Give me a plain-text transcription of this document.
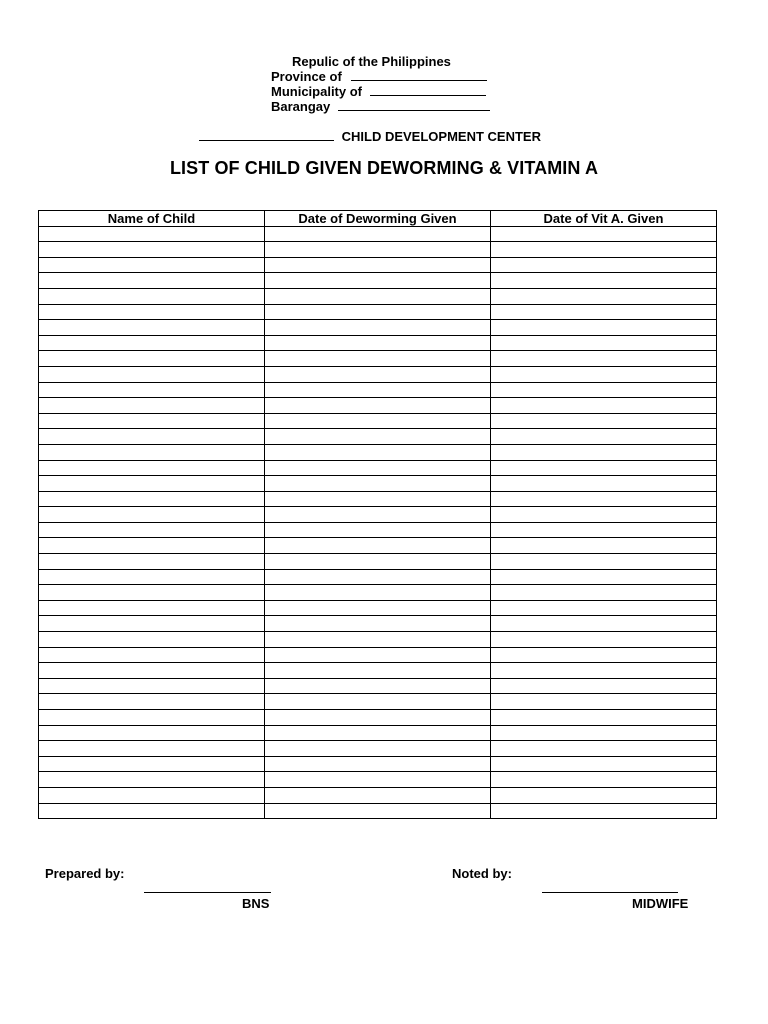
Repulic of the Philippines
Province of
Municipality of
Barangay
CHILD DEVELOPMENT CENTER
LIST OF CHILD GIVEN DEWORMING & VITAMIN A
Name of Child	Date of Deworming Given	Date of Vit A. Given

Prepared by:
BNS
Noted by:
MIDWIFE
